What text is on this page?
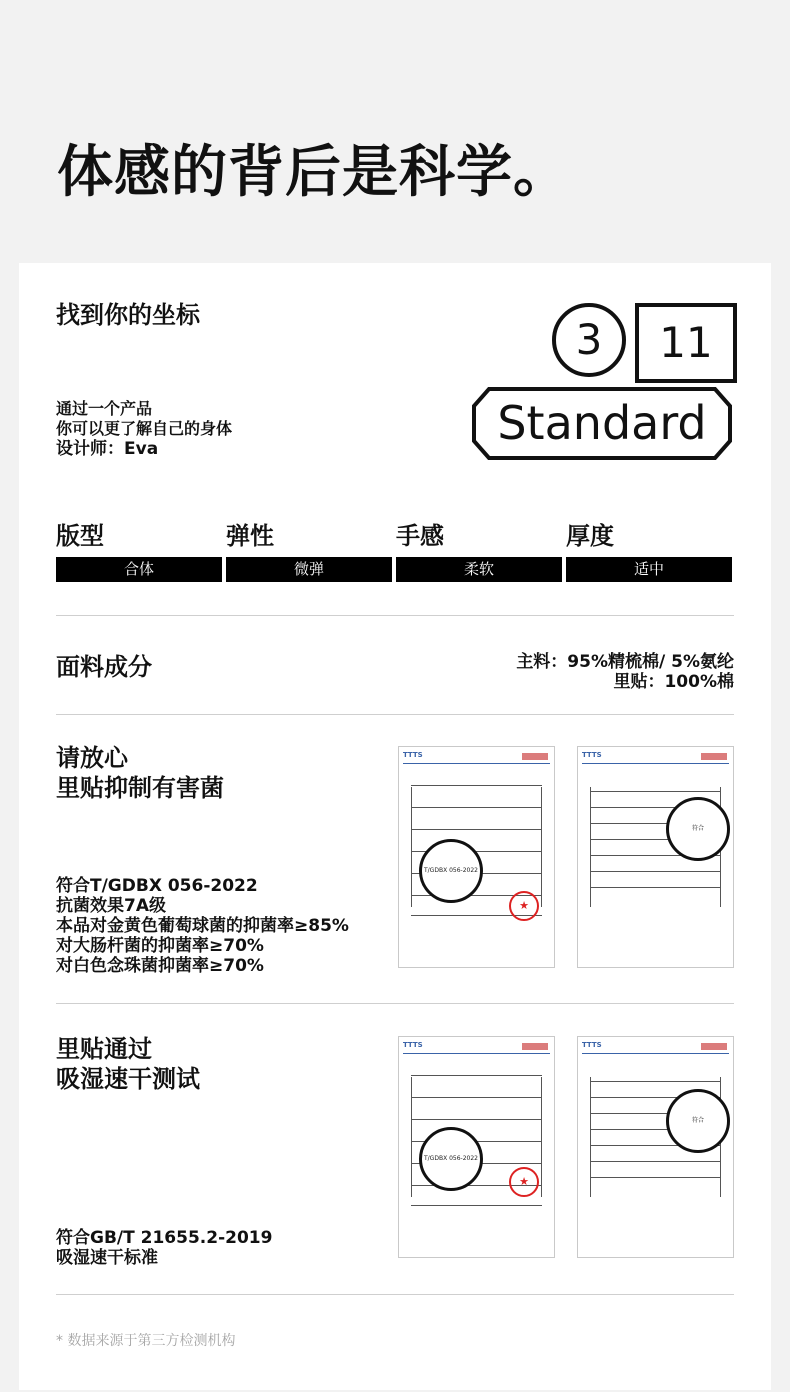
体感的背后是科学。
找到你的坐标
通过一个产品
你可以更了解自己的身体
设计师：Eva
3	11
Standard
版型
合体
弹性
微弹
手感
柔软
厚度
适中
面料成分	主料：95%精梳棉/ 5%氨纶
里贴：100%棉
请放心
里贴抑制有害菌
符合T/GDBX 056-2022
抗菌效果7A级
本品对金黄色葡萄球菌的抑菌率≥85%
对大肠杆菌的抑菌率≥70%
对白色念珠菌抑菌率≥70%
TTTS
T/GDBX 056-2022
★
TTTS
符合
里贴通过
吸湿速干测试
符合GB/T 21655.2-2019
吸湿速干标准
TTTS
T/GDBX 056-2022
★
TTTS
符合
* 数据来源于第三方检测机构
